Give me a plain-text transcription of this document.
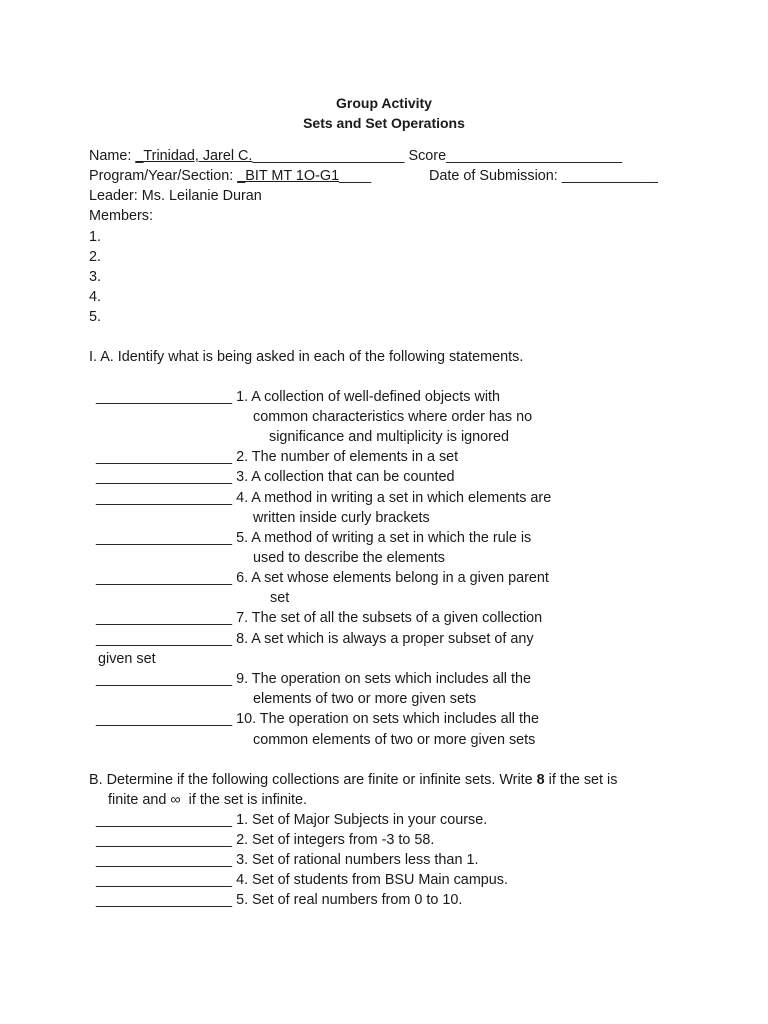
Group Activity
Sets and Set Operations
Name: _Trinidad, Jarel C.___________________ Score______________________
Program/Year/Section: _BIT MT 1O-G1____	Date of Submission: ____________
Leader: Ms. Leilanie Duran
Members:
1.
2.
3.
4.
5.
I. A. Identify what is being asked in each of the following statements.
_________________ 1. A collection of well-defined objects with
common characteristics where order has no
significance and multiplicity is ignored
_________________ 2. The number of elements in a set
_________________ 3. A collection that can be counted
_________________ 4. A method in writing a set in which elements are
written inside curly brackets
_________________ 5. A method of writing a set in which the rule is
used to describe the elements
_________________ 6. A set whose elements belong in a given parent
set
_________________ 7. The set of all the subsets of a given collection
_________________ 8. A set which is always a proper subset of any
given set
_________________ 9. The operation on sets which includes all the
elements of two or more given sets
_________________ 10. The operation on sets which includes all the
common elements of two or more given sets
B. Determine if the following collections are finite or infinite sets. Write 8 if the set is
finite and ∞  if the set is infinite.
_________________ 1. Set of Major Subjects in your course.
_________________ 2. Set of integers from -3 to 58.
_________________ 3. Set of rational numbers less than 1.
_________________ 4. Set of students from BSU Main campus.
_________________ 5. Set of real numbers from 0 to 10.
